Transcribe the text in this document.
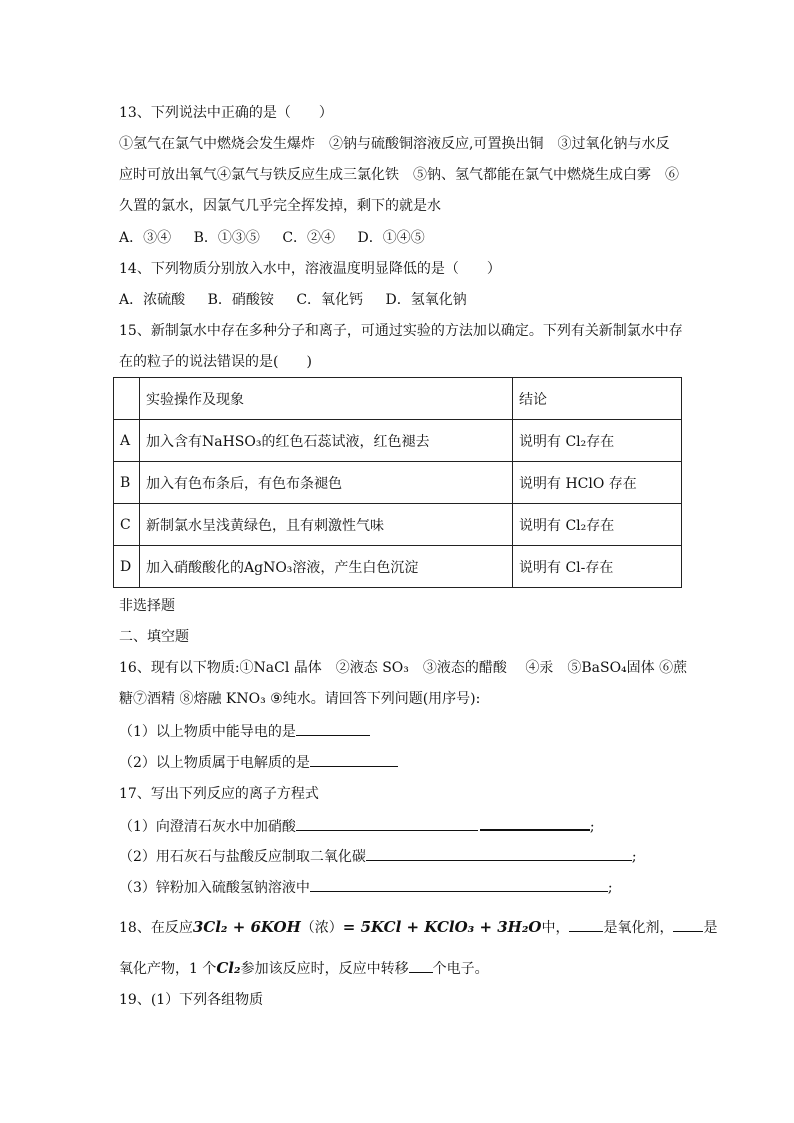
13、下列说法中正确的是（　　）
①氢气在氯气中燃烧会发生爆炸　②钠与硫酸铜溶液反应,可置换出铜　③过氧化钠与水反
应时可放出氧气④氯气与铁反应生成三氯化铁　⑤钠、氢气都能在氯气中燃烧生成白雾　⑥
久置的氯水，因氯气几乎完全挥发掉，剩下的就是水
A．③④ B．①③⑤ C．②④ D．①④⑤
14、下列物质分别放入水中，溶液温度明显降低的是（　　）
A．浓硫酸 B．硝酸铵 C．氧化钙 D．氢氧化钠
15、新制氯水中存在多种分子和离子，可通过实验的方法加以确定。下列有关新制氯水中存
在的粒子的说法错误的是(　　)
	实验操作及现象	结论
A	加入含有NaHSO₃的红色石蕊试液，红色褪去	说明有 Cl₂存在
B	加入有色布条后，有色布条褪色	说明有 HClO 存在
C	新制氯水呈浅黄绿色，且有刺激性气味	说明有 Cl₂存在
D	加入硝酸酸化的AgNO₃溶液，产生白色沉淀	说明有 Cl-存在
非选择题
二、填空题
16、现有以下物质:①NaCl 晶体　②液态 SO₃　③液态的醋酸　 ④汞　⑤BaSO₄固体 ⑥蔗
糖⑦酒精 ⑧熔融 KNO₃ ⑨纯水。请回答下列问题(用序号):
（1）以上物质中能导电的是
（2）以上物质属于电解质的是
17、写出下列反应的离子方程式
（1）向澄清石灰水中加硝酸	;
（2）用石灰石与盐酸反应制取二氧化碳	;
（3）锌粉加入硫酸氢钠溶液中	;
18、在反应3Cl₂ + 6KOH（浓）= 5KCl + KClO₃ + 3H₂O中， 是氧化剂， 是
氧化产物，1 个Cl₂参加该反应时，反应中转移 个电子。
19、(1）下列各组物质
